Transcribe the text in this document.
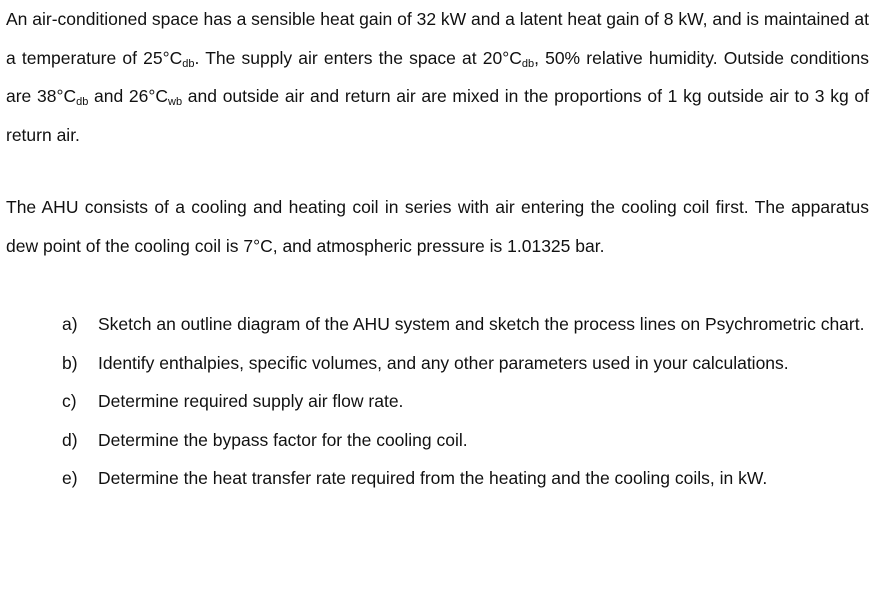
An air-conditioned space has a sensible heat gain of 32 kW and a latent heat gain of 8 kW, and is maintained at a temperature of $25^\circ C_{db}$. The supply air enters the space at $20^\circ C_{db}$, 50% relative humidity. Outside conditions are $38^\circ C_{db}$ and $26^\circ C_{wb}$ and outside air and return air are mixed in the proportions of 1 kg outside air to 3 kg of return air.

The AHU consists of a cooling and heating coil in series with air entering the cooling coil first. The apparatus dew point of the cooling coil is 7°C, and atmospheric pressure is 1.01325 bar.

a) Sketch an outline diagram of the AHU system and sketch the process lines on Psychrometric chart.
b) Identify enthalpies, specific volumes, and any other parameters used in your calculations.
c) Determine required supply air flow rate.
d) Determine the bypass factor for the cooling coil.
e) Determine the heat transfer rate required from the heating and the cooling coils, in kW.
